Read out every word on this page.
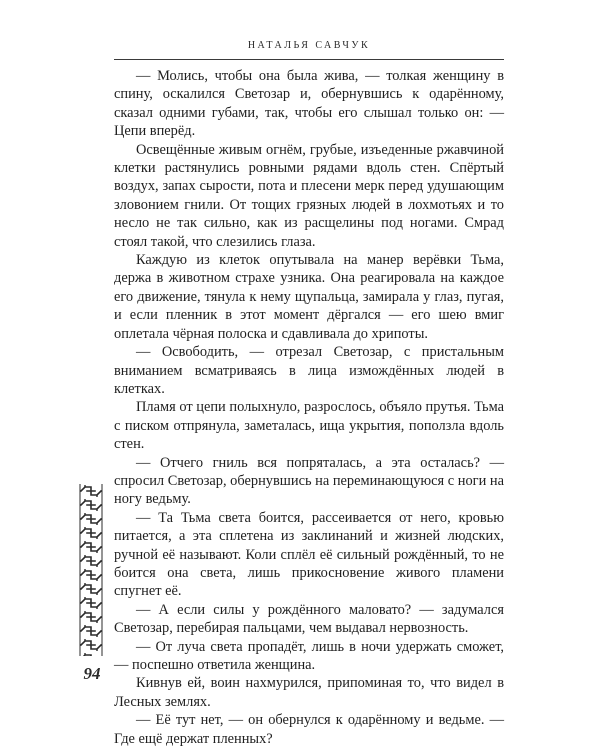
НАТАЛЬЯ САВЧУК

— Молись, чтобы она была жива, — толкая женщину в спину, оскалился Светозар и, обернувшись к одарённому, сказал одними губами, так, чтобы его слышал только он: — Цепи вперёд.

Освещённые живым огнём, грубые, изъеденные ржавчиной клетки растянулись ровными рядами вдоль стен. Спёртый воздух, запах сырости, пота и плесени мерк перед удушающим зловонием гнили. От тощих грязных людей в лохмотьях и то несло не так сильно, как из расщелины под ногами. Смрад стоял такой, что слезились глаза.

Каждую из клеток опутывала на манер верёвки Тьма, держа в животном страхе узника. Она реагировала на каждое его движение, тянула к нему щупальца, замирала у глаз, пугая, и если пленник в этот момент дёргался — его шею вмиг оплетала чёрная полоска и сдавливала до хрипоты.

— Освободить, — отрезал Светозар, с пристальным вниманием всматриваясь в лица измождённых людей в клетках.

Пламя от цепи полыхнуло, разрослось, объяло прутья. Тьма с писком отпрянула, заметалась, ища укрытия, поползла вдоль стен.

— Отчего гниль вся попряталась, а эта осталась? — спросил Светозар, обернувшись на переминающуюся с ноги на ногу ведьму.

— Та Тьма света боится, рассеивается от него, кровью питается, а эта сплетена из заклинаний и жизней людских, ручной её называют. Коли сплёл её сильный рождённый, то не боится она света, лишь прикосновение живого пламени спугнет её.

— А если силы у рождённого маловато? — задумался Светозар, перебирая пальцами, чем выдавал нервозность.

— От луча света пропадёт, лишь в ночи удержать сможет, — поспешно ответила женщина.

Кивнув ей, воин нахмурился, припоминая то, что видел в Лесных землях.

— Её тут нет, — он обернулся к одарённому и ведьме. — Где ещё держат пленных?

94
